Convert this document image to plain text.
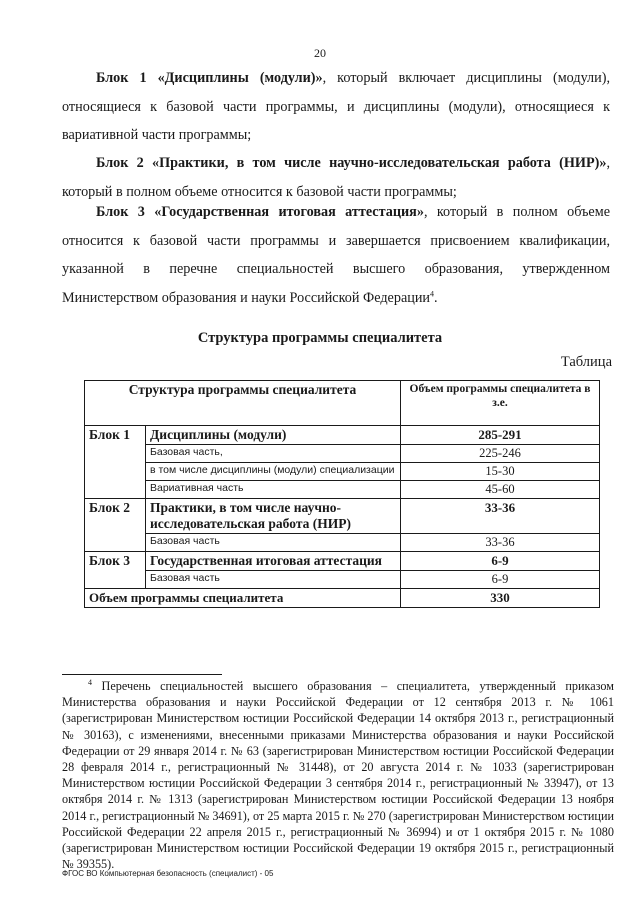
20

Блок 1 «Дисциплины (модули)», который включает дисциплины (модули), относящиеся к базовой части программы, и дисциплины (модули), относящиеся к вариативной части программы;

Блок 2 «Практики, в том числе научно-исследовательская работа (НИР)», который в полном объеме относится к базовой части программы;

Блок 3 «Государственная итоговая аттестация», который в полном объеме относится к базовой части программы и завершается присвоением квалификации, указанной в перечне специальностей высшего образования, утвержденном Министерством образования и науки Российской Федерации$^4$.

Структура программы специалитета
Таблица
Структура программы специалитета		Объем программы специалитета в з.е.
Блок 1	Дисциплины (модули)	285-291
	Базовая часть,	225-246
	в том числе дисциплины (модули) специализации	15-30
	Вариативная часть	45-60
Блок 2	Практики, в том числе научно-исследовательская работа (НИР)	33-36
	Базовая часть	33-36
Блок 3	Государственная итоговая аттестация	6-9
	Базовая часть	6-9
Объем программы специалитета		330

$^4$ Перечень специальностей высшего образования – специалитета, утвержденный приказом Министерства образования и науки Российской Федерации от 12 сентября 2013 г. № 1061 (зарегистрирован Министерством юстиции Российской Федерации 14 октября 2013 г., регистрационный № 30163), с изменениями, внесенными приказами Министерства образования и науки Российской Федерации от 29 января 2014 г. № 63 (зарегистрирован Министерством юстиции Российской Федерации 28 февраля 2014 г., регистрационный № 31448), от 20 августа 2014 г. № 1033 (зарегистрирован Министерством юстиции Российской Федерации 3 сентября 2014 г., регистрационный № 33947), от 13 октября 2014 г. № 1313 (зарегистрирован Министерством юстиции Российской Федерации 13 ноября 2014 г., регистрационный № 34691), от 25 марта 2015 г. № 270 (зарегистрирован Министерством юстиции Российской Федерации 22 апреля 2015 г., регистрационный № 36994) и от 1 октября 2015 г. № 1080 (зарегистрирован Министерством юстиции Российской Федерации 19 октября 2015 г., регистрационный № 39355).

ФГОС ВО Компьютерная безопасность (специалист) - 05
